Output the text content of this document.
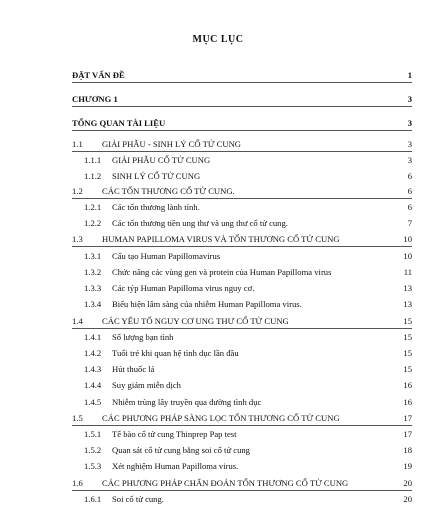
MỤC LỤC
ĐẶT VẤN ĐỀ	1
CHƯƠNG 1	3
TỔNG QUAN TÀI LIỆU	3
1.1 GIẢI PHẪU - SINH LÝ CỔ TỬ CUNG	3
1.1.1 GIẢI PHẪU CỔ TỬ CUNG	3
1.1.2 SINH LÝ CỔ TỬ CUNG	6
1.2 CÁC TỔN THƯƠNG CỔ TỬ CUNG.	6
1.2.1 Các tổn thương lành tính.	6
1.2.2 Các tổn thương tiền ung thư và ung thư cổ tử cung.	7
1.3 HUMAN PAPILLOMA VIRUS VÀ TỔN THƯƠNG CỔ TỬ CUNG	10
1.3.1 Cấu tạo Human Papillomavirus	10
1.3.2 Chức năng các vùng gen và protein của Human Papilloma virus	11
1.3.3 Các týp Human Papilloma virus nguy cơ.	13
1.3.4 Biểu hiện lâm sàng của nhiễm Human Papilloma virus.	13
1.4 CÁC YẾU TỐ NGUY CƠ UNG THƯ CỔ TỬ CUNG	15
1.4.1 Số lượng bạn tình	15
1.4.2 Tuổi trẻ khi quan hệ tình dục lần đầu	15
1.4.3 Hút thuốc lá	15
1.4.4 Suy giảm miễn dịch	16
1.4.5 Nhiễm trùng lây truyền qua đường tình dục	16
1.5 CÁC PHƯƠNG PHÁP SÀNG LỌC TỔN THƯƠNG CỔ TỬ CUNG	17
1.5.1 Tế bào cổ tử cung Thinprep Pap test	17
1.5.2 Quan sát cổ tử cung bằng soi cổ tử cung	18
1.5.3 Xét nghiệm Human Papilloma virus.	19
1.6 CÁC PHƯƠNG PHÁP CHẨN ĐOÁN TỔN THƯƠNG CỔ TỬ CUNG	20
1.6.1 Soi cổ tử cung.	20
